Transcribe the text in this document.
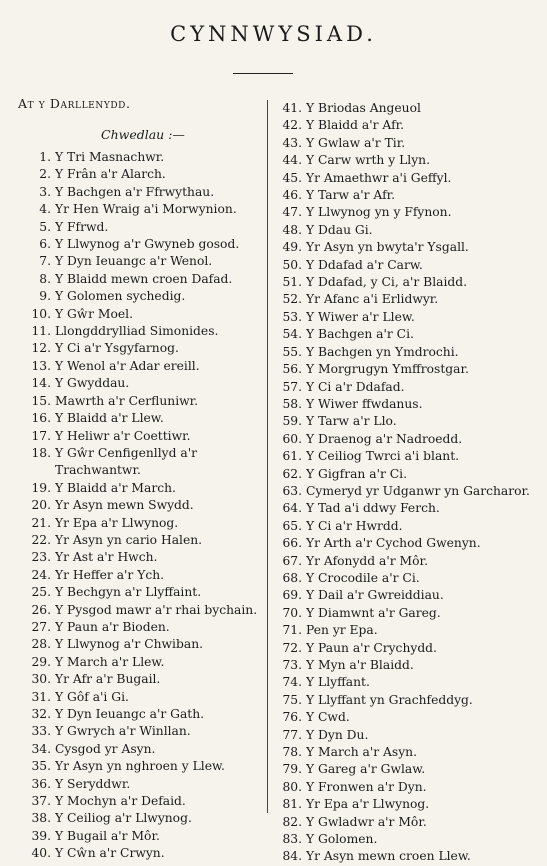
CYNNWYSIAD.
At y Darllenydd.
Chwedlau :—
1. Y Tri Masnachwr.
2. Y Frân a'r Alarch.
3. Y Bachgen a'r Ffrwythau.
4. Yr Hen Wraig a'i Morwynion.
5. Y Ffrwd.
6. Y Llwynog a'r Gwyneb gosod.
7. Y Dyn Ieuangc a'r Wenol.
8. Y Blaidd mewn croen Dafad.
9. Y Golomen sychedig.
10. Y Gŵr Moel.
11. Llongddrylliad Simonides.
12. Y Ci a'r Ysgyfarnog.
13. Y Wenol a'r Adar ereill.
14. Y Gwyddau.
15. Mawrth a'r Cerfluniwr.
16. Y Blaidd a'r Llew.
17. Y Heliwr a'r Coettiwr.
18. Y Gŵr Cenfigenllyd a'r Trachwantwr.
19. Y Blaidd a'r March.
20. Yr Asyn mewn Swydd.
21. Yr Epa a'r Llwynog.
22. Yr Asyn yn cario Halen.
23. Yr Ast a'r Hwch.
24. Yr Heffer a'r Ych.
25. Y Bechgyn a'r Llyffaint.
26. Y Pysgod mawr a'r rhai bychain.
27. Y Paun a'r Bioden.
28. Y Llwynog a'r Chwiban.
29. Y March a'r Llew.
30. Yr Afr a'r Bugail.
31. Y Gôf a'i Gi.
32. Y Dyn Ieuangc a'r Gath.
33. Y Gwrych a'r Winllan.
34. Cysgod yr Asyn.
35. Yr Asyn yn nghroen y Llew.
36. Y Seryddwr.
37. Y Mochyn a'r Defaid.
38. Y Ceiliog a'r Llwynog.
39. Y Bugail a'r Môr.
40. Y Cŵn a'r Crwyn.
41. Y Briodas Angeuol
42. Y Blaidd a'r Afr.
43. Y Gwlaw a'r Tir.
44. Y Carw wrth y Llyn.
45. Yr Amaethwr a'i Geffyl.
46. Y Tarw a'r Afr.
47. Y Llwynog yn y Ffynon.
48. Y Ddau Gi.
49. Yr Asyn yn bwyta'r Ysgall.
50. Y Ddafad a'r Carw.
51. Y Ddafad, y Ci, a'r Blaidd.
52. Yr Afanc a'i Erlidwyr.
53. Y Wiwer a'r Llew.
54. Y Bachgen a'r Ci.
55. Y Bachgen yn Ymdrochi.
56. Y Morgrugyn Ymffrostgar.
57. Y Ci a'r Ddafad.
58. Y Wiwer ffwdanus.
59. Y Tarw a'r Llo.
60. Y Draenog a'r Nadroedd.
61. Y Ceiliog Twrci a'i blant.
62. Y Gigfran a'r Ci.
63. Cymeryd yr Udganwr yn Garcharor.
64. Y Tad a'i ddwy Ferch.
65. Y Ci a'r Hwrdd.
66. Yr Arth a'r Cychod Gwenyn.
67. Yr Afonydd a'r Môr.
68. Y Crocodile a'r Ci.
69. Y Dail a'r Gwreiddiau.
70. Y Diamwnt a'r Gareg.
71. Pen yr Epa.
72. Y Paun a'r Crychydd.
73. Y Myn a'r Blaidd.
74. Y Llyffant.
75. Y Llyffant yn Grachfeddyg.
76. Y Cwd.
77. Y Dyn Du.
78. Y March a'r Asyn.
79. Y Gareg a'r Gwlaw.
80. Y Fronwen a'r Dyn.
81. Yr Epa a'r Llwynog.
82. Y Gwladwr a'r Môr.
83. Y Golomen.
84. Yr Asyn mewn croen Llew.
